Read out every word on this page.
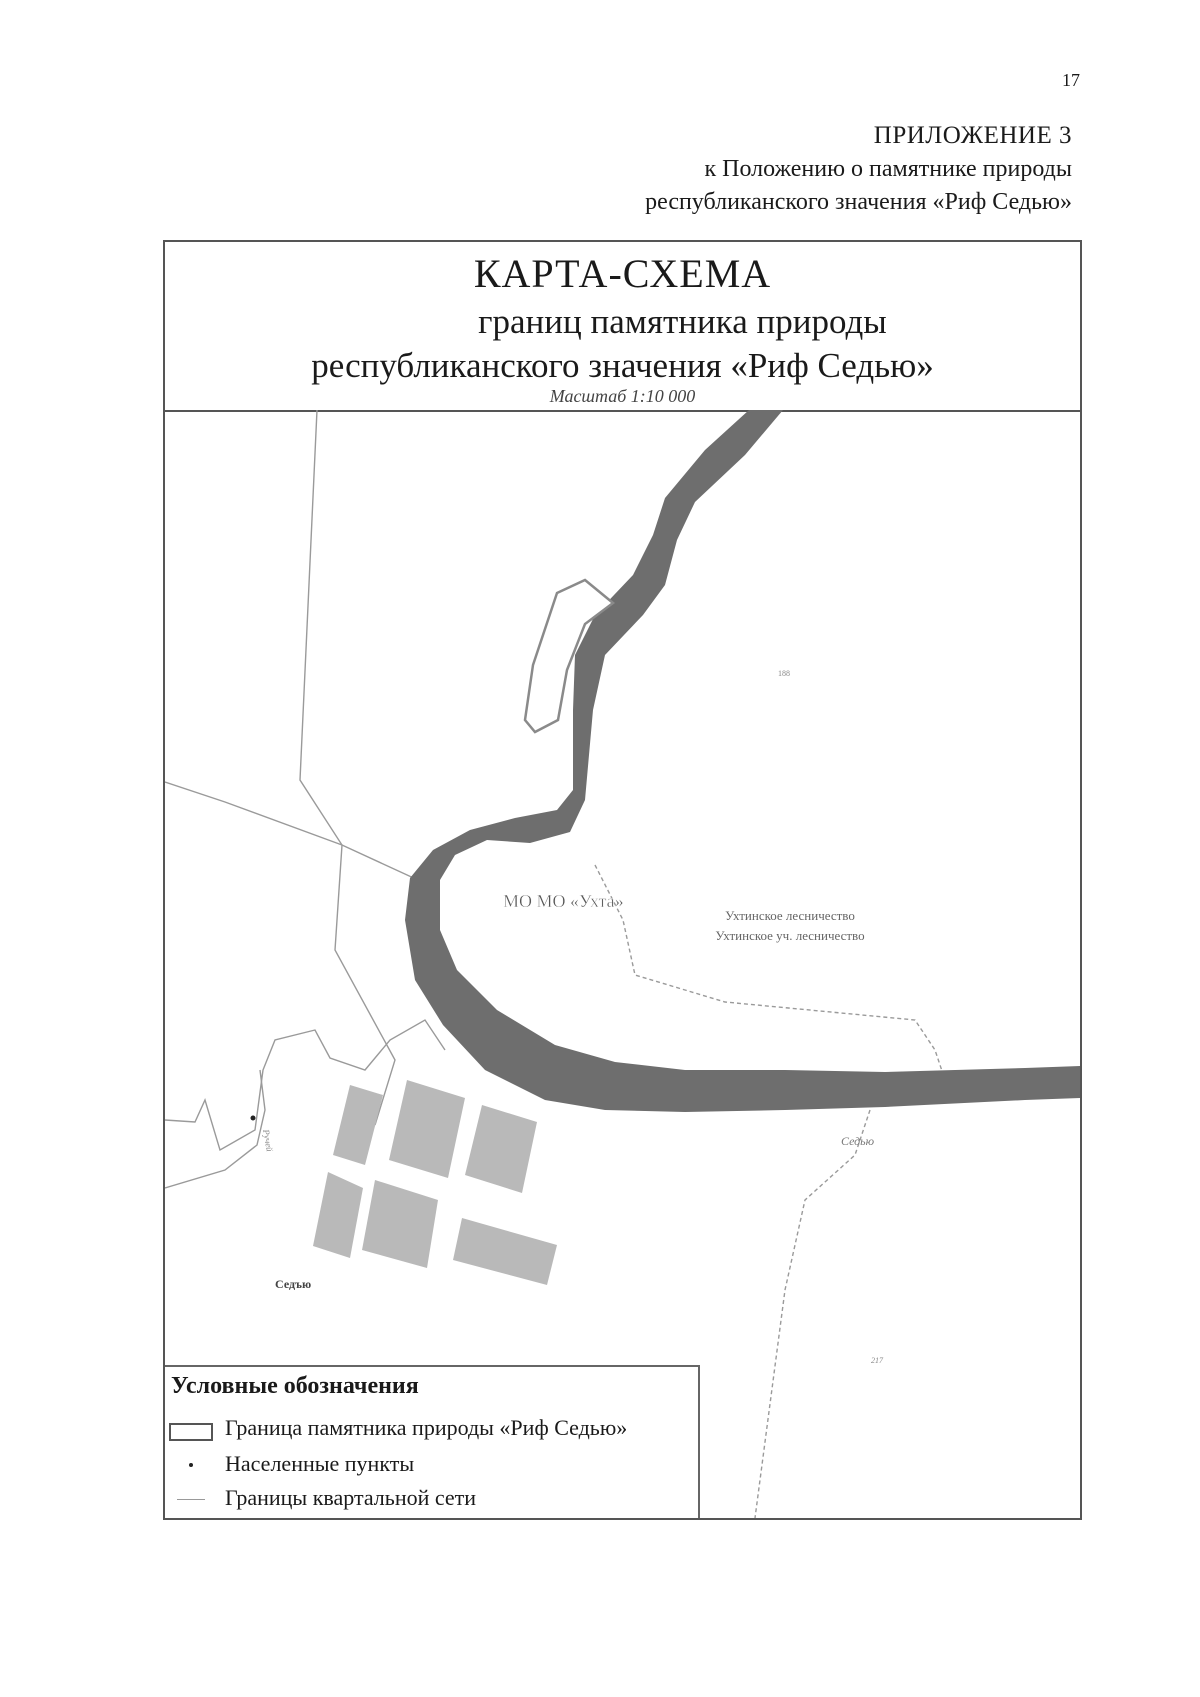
17
ПРИЛОЖЕНИЕ 3
к Положению о памятнике природы
республиканского значения «Риф Седью»
КАРТА-СХЕМА
границ памятника природы
республиканского значения «Риф Седью»
Масштаб 1:10 000
МО МО «Ухта»
Ухтинское лесничество
Ухтинское уч. лесничество
Седью
Седъю
Ручей
188
217
Условные обозначения
Граница памятника природы «Риф Седью»
Населенные пункты
Границы квартальной сети
